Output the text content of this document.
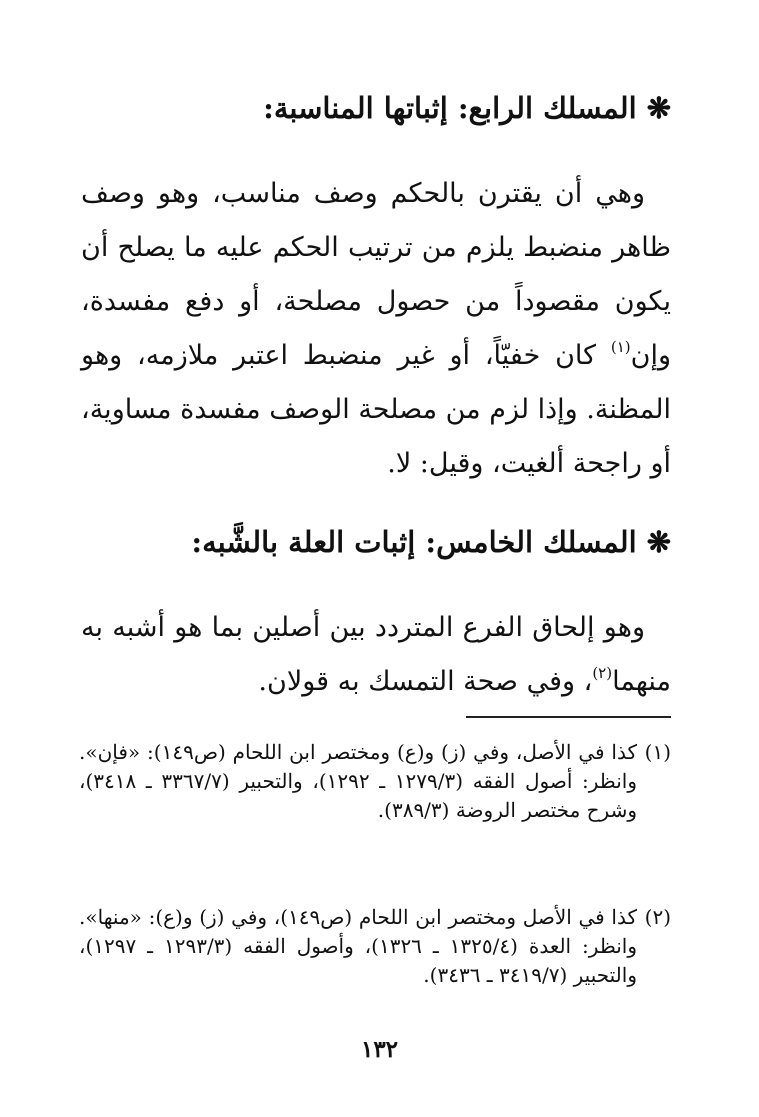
❋المسلك الرابع: إثباتها المناسبة:
وهي أن يقترن بالحكم وصف مناسب، وهو وصف ظاهر منضبط يلزم من ترتيب الحكم عليه ما يصلح أن يكون مقصوداً من حصول مصلحة، أو دفع مفسدة، وإن$^{(١)}$ كان خفيّاً، أو غير منضبط اعتبر ملازمه، وهو المظنة. وإذا لزم من مصلحة الوصف مفسدة مساوية، أو راجحة ألغيت، وقيل: لا.
❋المسلك الخامس: إثبات العلة بالشَّبه:
وهو إلحاق الفرع المتردد بين أصلين بما هو أشبه به منهما$^{(٢)}$، وفي صحة التمسك به قولان.
(١)
كذا في الأصل، وفي (ز) و(ع) ومختصر ابن اللحام (ص١٤٩): «فإن». وانظر: أصول الفقه (١٢٧٩/٣ ـ ١٢٩٢)، والتحبير (٣٣٦٧/٧ ـ ٣٤١٨)، وشرح مختصر الروضة (٣٨٩/٣).
(٢)
كذا في الأصل ومختصر ابن اللحام (ص١٤٩)، وفي (ز) و(ع): «منها». وانظر: العدة (١٣٢٥/٤ ـ ١٣٢٦)، وأصول الفقه (١٢٩٣/٣ ـ ١٢٩٧)، والتحبير (٣٤١٩/٧ ـ ٣٤٣٦).
١٣٢
